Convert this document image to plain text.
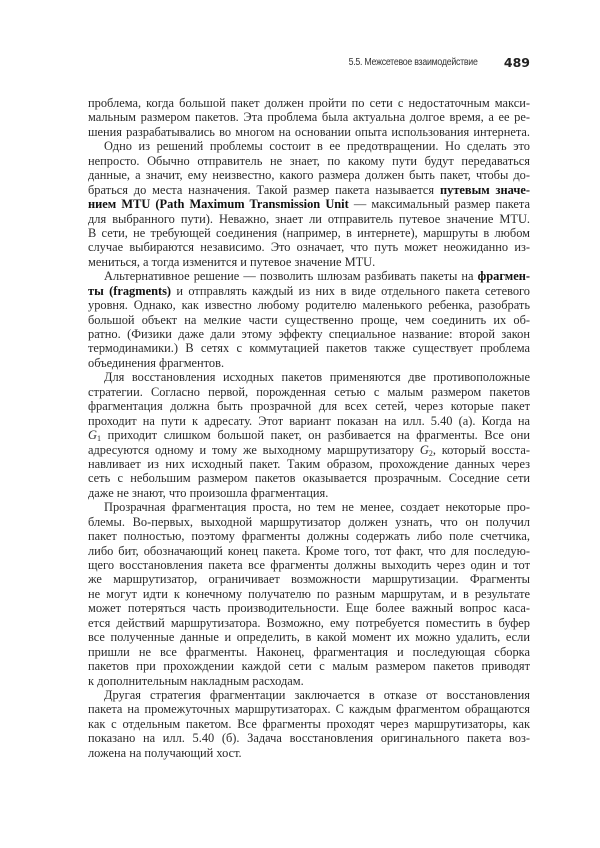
5.5. Межсетевое взаимодействие 489
проблема, когда большой пакет должен пройти по сети с недостаточным макси-
мальным размером пакетов. Эта проблема была актуальна долгое время, а ее ре-
шения разрабатывались во многом на основании опыта использования интернета.
Одно из решений проблемы состоит в ее предотвращении. Но сделать это
непросто. Обычно отправитель не знает, по какому пути будут передаваться
данные, а значит, ему неизвестно, какого размера должен быть пакет, чтобы до-
браться до места назначения. Такой размер пакета называется путевым значе-
нием MTU (Path Maximum Transmission Unit — максимальный размер пакета
для выбранного пути). Неважно, знает ли отправитель путевое значение MTU.
В сети, не требующей соединения (например, в интернете), маршруты в любом
случае выбираются независимо. Это означает, что путь может неожиданно из-
мениться, а тогда изменится и путевое значение MTU.
Альтернативное решение — позволить шлюзам разбивать пакеты на фрагмен-
ты (fragments) и отправлять каждый из них в виде отдельного пакета сетевого
уровня. Однако, как известно любому родителю маленького ребенка, разобрать
большой объект на мелкие части существенно проще, чем соединить их об-
ратно. (Физики даже дали этому эффекту специальное название: второй закон
термодинамики.) В сетях с коммутацией пакетов также существует проблема
объединения фрагментов.
Для восстановления исходных пакетов применяются две противоположные
стратегии. Согласно первой, порожденная сетью с малым размером пакетов
фрагментация должна быть прозрачной для всех сетей, через которые пакет
проходит на пути к адресату. Этот вариант показан на илл. 5.40 (а). Когда на
$G_1$ приходит слишком большой пакет, он разбивается на фрагменты. Все они
адресуются одному и тому же выходному маршрутизатору $G_2$, который восста-
навливает из них исходный пакет. Таким образом, прохождение данных через
сеть с небольшим размером пакетов оказывается прозрачным. Соседние сети
даже не знают, что произошла фрагментация.
Прозрачная фрагментация проста, но тем не менее, создает некоторые про-
блемы. Во-первых, выходной маршрутизатор должен узнать, что он получил
пакет полностью, поэтому фрагменты должны содержать либо поле счетчика,
либо бит, обозначающий конец пакета. Кроме того, тот факт, что для последую-
щего восстановления пакета все фрагменты должны выходить через один и тот
же маршрутизатор, ограничивает возможности маршрутизации. Фрагменты
не могут идти к конечному получателю по разным маршрутам, и в результате
может потеряться часть производительности. Еще более важный вопрос каса-
ется действий маршрутизатора. Возможно, ему потребуется поместить в буфер
все полученные данные и определить, в какой момент их можно удалить, если
пришли не все фрагменты. Наконец, фрагментация и последующая сборка
пакетов при прохождении каждой сети с малым размером пакетов приводят
к дополнительным накладным расходам.
Другая стратегия фрагментации заключается в отказе от восстановления
пакета на промежуточных маршрутизаторах. С каждым фрагментом обращаются
как с отдельным пакетом. Все фрагменты проходят через маршрутизаторы, как
показано на илл. 5.40 (б). Задача восстановления оригинального пакета воз-
ложена на получающий хост.
